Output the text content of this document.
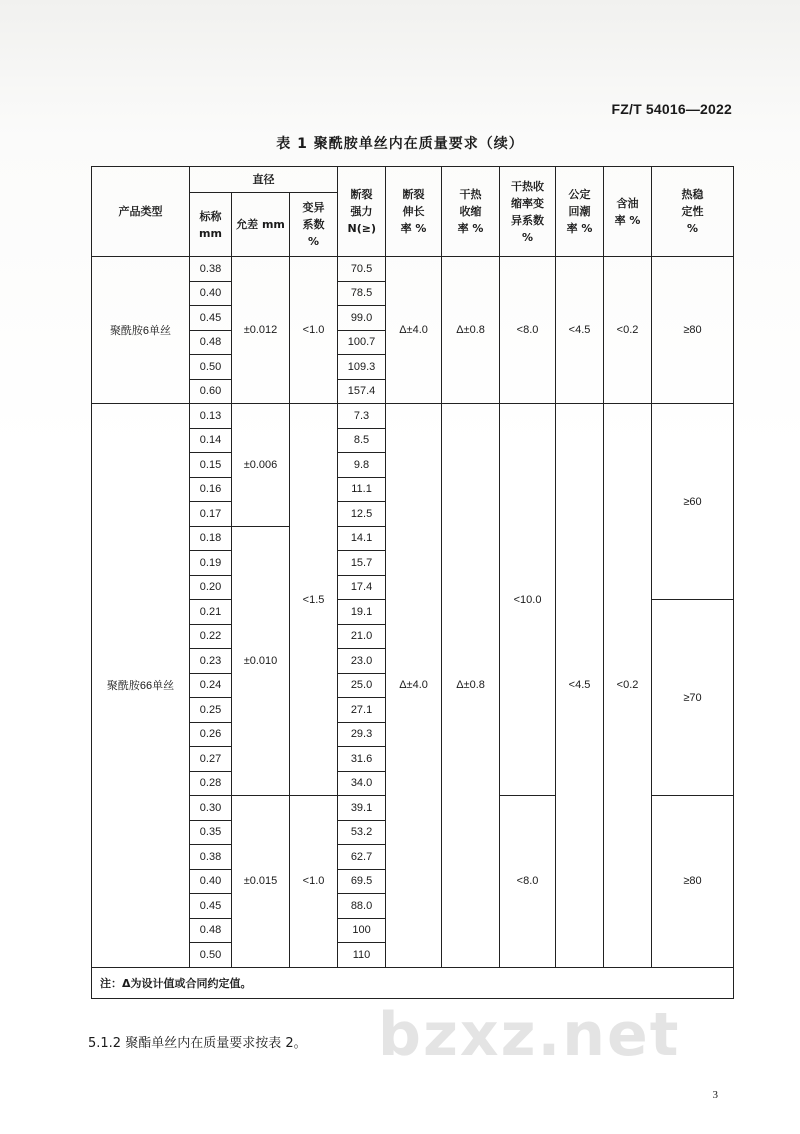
FZ/T 54016—2022
表 1 聚酰胺单丝内在质量要求（续）
产品类型	直径			断裂强力 N(≥)	断裂伸长率 %	干热收缩率 %	干热收缩率变异系数 %	公定回潮率 %	含油率 %	热稳定性 %
	标称 mm	允差 mm	变异系数 %							
聚酰胺6单丝	0.38	±0.012	<1.0	70.5	Δ±4.0	Δ±0.8	<8.0	<4.5	<0.2	≥80
	0.40			78.5						
	0.45			99.0						
	0.48			100.7						
	0.50			109.3						
	0.60			157.4						
聚酰胺66单丝	0.13	±0.006	<1.5	7.3	Δ±4.0	Δ±0.8	<10.0	<4.5	<0.2	≥60
	0.14			8.5						
	0.15			9.8						
	0.16			11.1						
	0.17			12.5						
	0.18	±0.010		14.1						
	0.19			15.7						
	0.20			17.4						
	0.21			19.1						≥70
	0.22			21.0						
	0.23			23.0						
	0.24			25.0						
	0.25			27.1						
	0.26			29.3						
	0.27			31.6						
	0.28			34.0						
	0.30	±0.015	<1.0	39.1			<8.0			≥80
	0.35			53.2						
	0.38			62.7						
	0.40			69.5						
	0.45			88.0						
	0.48			100						
	0.50			110						
注：Δ为设计值或合同约定值。										
5.1.2 聚酯单丝内在质量要求按表 2。 bzxz.net
3
